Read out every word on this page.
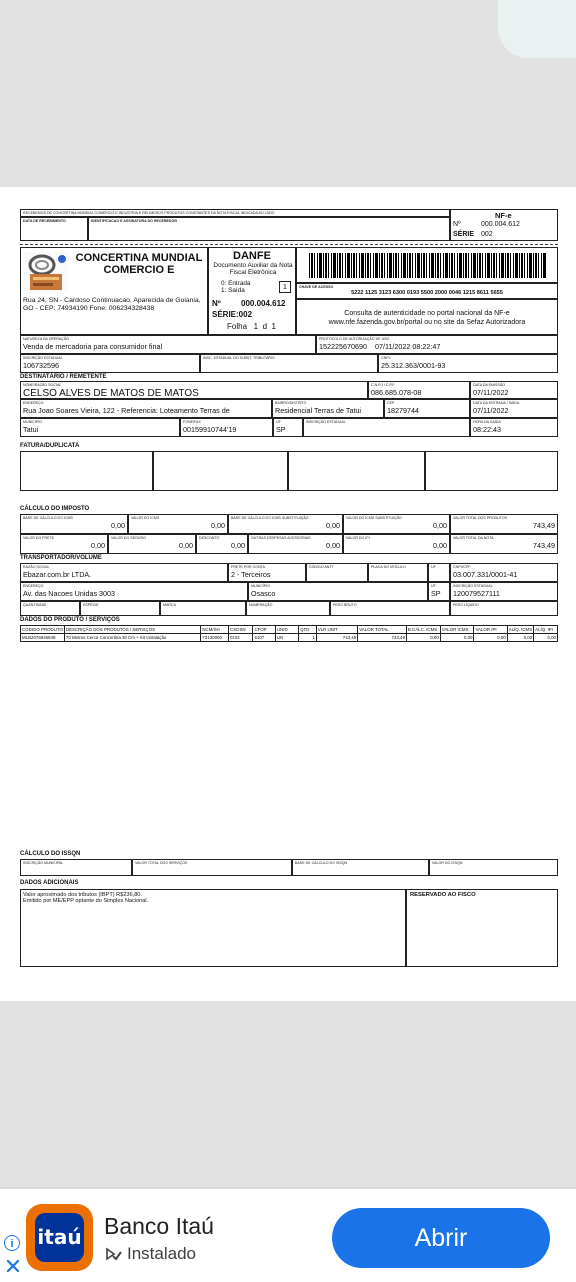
RECEBEMOS DE CONCERTINA MUNDIAL COMERCIO E INDUSTRIA E RELIMEROS PRODUTOS CONSTANTES DA NOTA FISCAL INDICADA AO LADO
DATA DE RECEBIMENTO	IDENTIFICACAO E ASSINATURA DO RECEBEDOR
NF-e
Nº	000.004.612
SÉRIE 002
CONCERTINA MUNDIAL COMERCIO E
Rua 24, SN - Cardoso Continuacao, Aparecida de Goiania, GO - CEP: 74934190 Fone: 006234328438
DANFE
Documento Auxiliar da Nota Fiscal Eletrônica
0: Entrada
1: Saída	1
Nº	000.004.612
SÉRIE:002
Folha   1  d  1
CHAVE DE ACESSO
5222 1125 3123 6300 0193 5500 2000 0046 1215 8611 5655
Consulta de autenticidade no portal nacional da NF-e
www.nfe.fazenda.gov.br/portal ou no site da Sefaz Autorizadora
NATUREZA DA OPERAÇÃO
Venda de mercadoria para consumidor final
PROTOCOLO DE AUTORIZAÇÃO DE USO
152225670690    07/11/2022 08:22:47
INSCRIÇÃO ESTADUAL
106732596
INSC. ESTADUAL DO SUBST. TRIBUTÁRIO	CNPJ
25.312.363/0001-93
DESTINATÁRIO / REMETENTE
NOME/RAZÃO SOCIAL
CELSO ALVES DE MATOS DE MATOS
C.N.P.J / C.P.F
086.685.078-08
DATA DA EMISSÃO
07/11/2022
ENDEREÇO
Rua Joao Soares Vieira, 122 - Referencia: Loteamento Terras de
BAIRRO/DISTRITO
Residencial Terras de Tatui
CEP
18279744
DATA DA ENTRADA / SAÍDA
07/11/2022
MUNICÍPIO
Tatui
FONE/FAX
00159910744'19
UF
SP
INSCRIÇÃO ESTADUAL	HORA DA SAÍDA
08:22:43
FATURA/DUPLICATA
CÁLCULO DO IMPOSTO
BASE DE CÁLCULO DO ICMS
0,00
VALOR DO ICMS
0,00
BASE DE CÁLCULO DO ICMS SUBSTITUIÇÃO
0,00
VALOR DO ICMS SUBSTITUIÇÃO
0,00
VALOR TOTAL DOS PRODUTOS
743,49
VALOR DO FRETE
0,00
VALOR DO SEGURO
0,00
DESCONTO
0,00
OUTRAS DESPESAS ACESSÓRIAS
0,00
VALOR DO IPI
0,00
VALOR TOTAL DA NOTA
743,49
TRANSPORTADOR/VOLUME
RAZÃO SOCIAL
Ebazar.com.br LTDA.
FRETE POR CONTA
2 - Terceiros
CÓDIGO ANTT	PLACA DO VEÍCULO	UF	CNPJ/CPF
03.007.331/0001-41
ENDEREÇO
Av. das Nacoes Unidas 3003
MUNICÍPIO
Osasco
UF
SP
INSCRIÇÃO ESTADUAL
120079527111
QUANTIDADE	ESPÉCIE	MARCA	NUMERAÇÃO	PESO BRUTO	PESO LÍQUIDO
DADOS DO PRODUTO / SERVIÇOS
CÓDIGO PRODUTO	DESCRIÇÃO DOS PRODUTOS / SERVIÇOS	NCM/SH	CSOSN	CFOP	UNID	QTD	VLR UNIT	VALOR TOTAL	B.CÁLC. ICMS	VALOR ICMS	VALOR IPI	ALÍQ. ICMS	ALÍQ. IPI
MLB2076946849	70 Metros Cerca Concertina 30 Cm + Kit Instalação	73130000	0102	6107	UN	1	743,49	743,49	0,00	0,00	0,00	0,00	0,00
CÁLCULO DO ISSQN
INSCRIÇÃO MUNICIPAL	VALOR TOTAL DOS SERVIÇOS	BASE DE CÁLCULO DO ISSQN	VALOR DO ISSQN
DADOS ADICIONAIS
Valor aproximado dos tributos (IBPT) R$236,80.
Emitido por ME/EPP optante do Simples Nacional.
RESERVADO AO FISCO
i	itaú Banco Itaú
Instalado
Abrir
